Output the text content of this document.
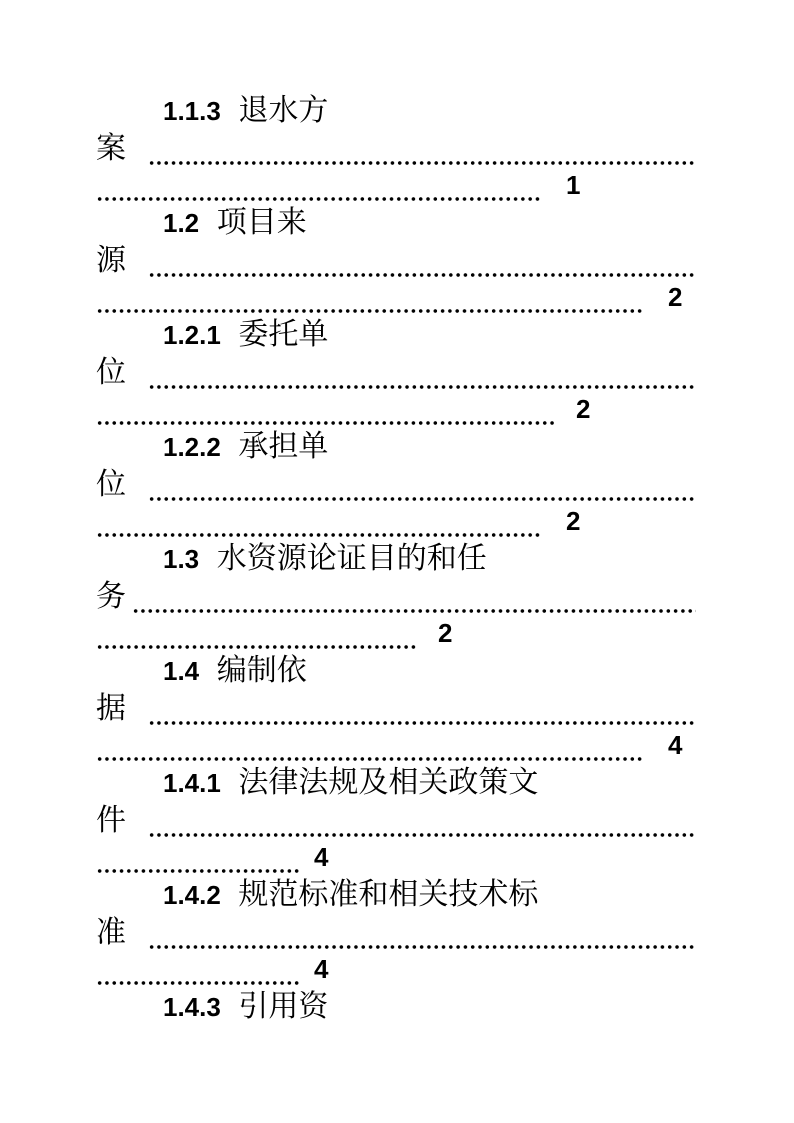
1.1.3 退水方
案
1
1.2 项目来
源
2
1.2.1 委托单
位
2
1.2.2 承担单
位
2
1.3 水资源论证目的和任
务
2
1.4 编制依
据
4
1.4.1 法律法规及相关政策文
件
4
1.4.2 规范标准和相关技术标
准
4
1.4.3 引用资
